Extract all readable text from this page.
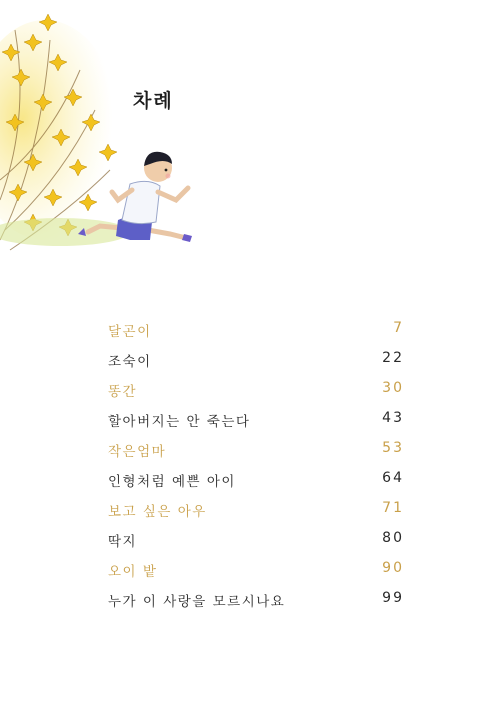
차례
달곤이	7
조숙이	22
똥간	30
할아버지는 안 죽는다	43
작은엄마	53
인형처럼 예쁜 아이	64
보고 싶은 아우	71
딱지	80
오이 밭	90
누가 이 사랑을 모르시나요	99
